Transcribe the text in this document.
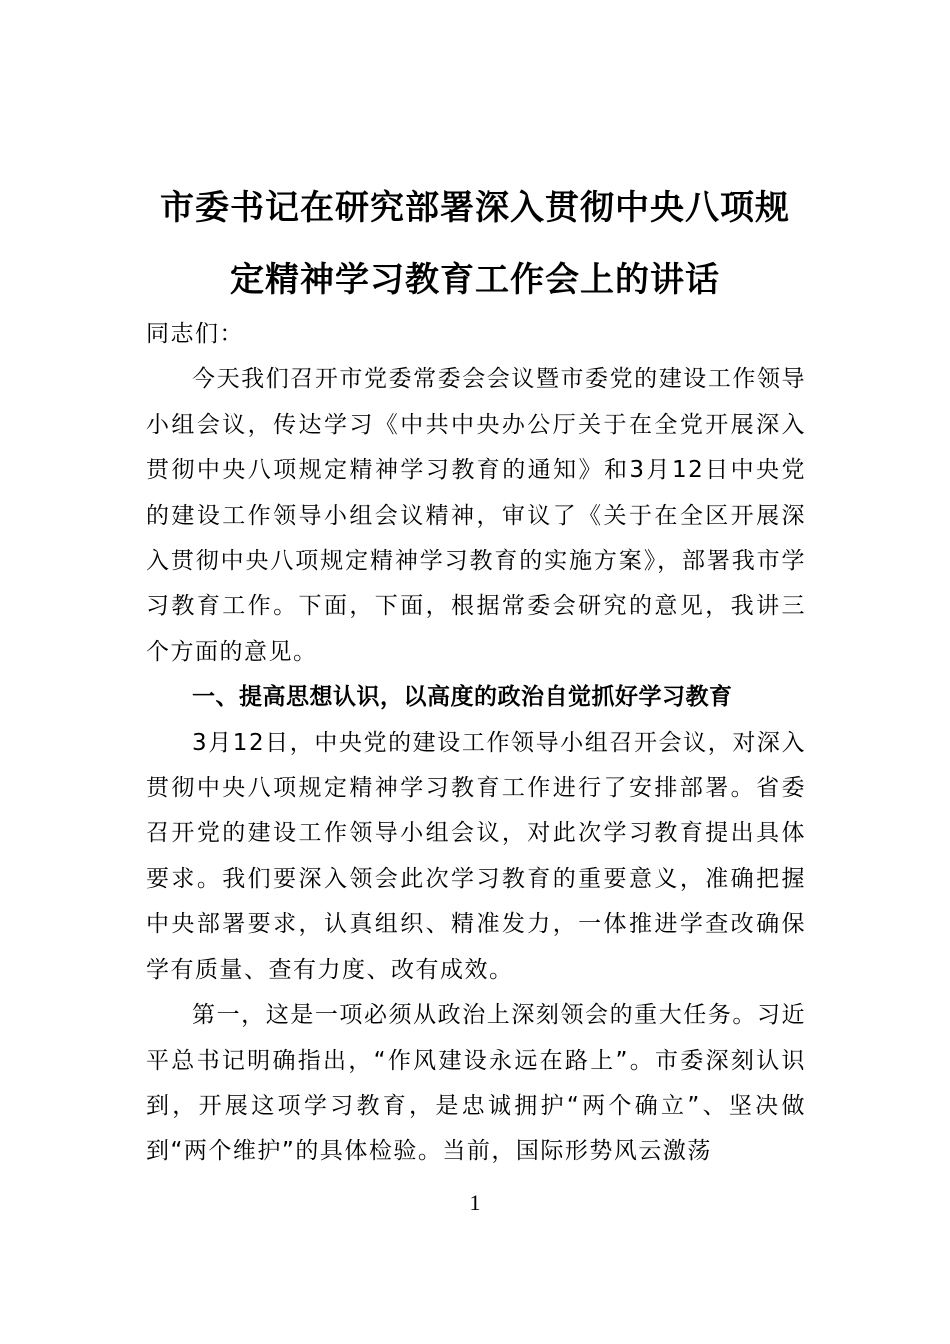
市委书记在研究部署深入贯彻中央八项规
定精神学习教育工作会上的讲话

同志们：

今天我们召开市党委常委会会议暨市委党的建设工作领导小组会议，传达学习《中共中央办公厅关于在全党开展深入贯彻中央八项规定精神学习教育的通知》和3月12日中央党的建设工作领导小组会议精神，审议了《关于在全区开展深入贯彻中央八项规定精神学习教育的实施方案》，部署我市学习教育工作。下面，下面，根据常委会研究的意见，我讲三个方面的意见。

一、提高思想认识，以高度的政治自觉抓好学习教育

3月12日，中央党的建设工作领导小组召开会议，对深入贯彻中央八项规定精神学习教育工作进行了安排部署。省委召开党的建设工作领导小组会议，对此次学习教育提出具体要求。我们要深入领会此次学习教育的重要意义，准确把握中央部署要求，认真组织、精准发力，一体推进学查改确保学有质量、查有力度、改有成效。

第一，这是一项必须从政治上深刻领会的重大任务。习近平总书记明确指出，“作风建设永远在路上”。市委深刻认识到，开展这项学习教育，是忠诚拥护“两个确立”、坚决做到“两个维护”的具体检验。当前，国际形势风云激荡

1
